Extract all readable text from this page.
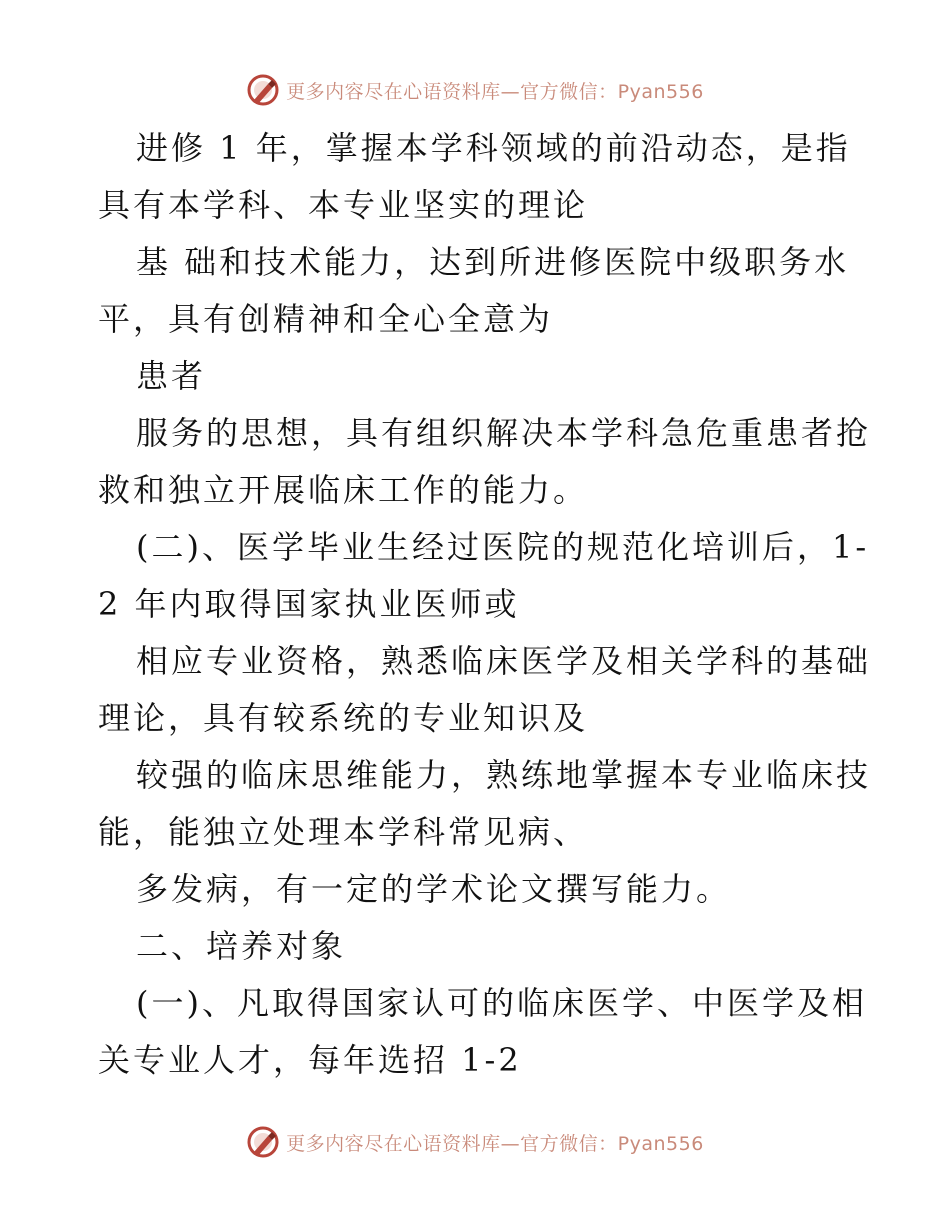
更多内容尽在心语资料库—官方微信：Pyan556
进修 1 年，掌握本学科领域的前沿动态，是指
具有本学科、本专业坚实的理论
基 础和技术能力，达到所进修医院中级职务水
平，具有创精神和全心全意为
患者
服务的思想，具有组织解决本学科急危重患者抢
救和独立开展临床工作的能力。
(二)、医学毕业生经过医院的规范化培训后，1-
2 年内取得国家执业医师或
相应专业资格，熟悉临床医学及相关学科的基础
理论，具有较系统的专业知识及
较强的临床思维能力，熟练地掌握本专业临床技
能，能独立处理本学科常见病、
多发病，有一定的学术论文撰写能力。
二、培养对象
(一)、凡取得国家认可的临床医学、中医学及相
关专业人才，每年选招 1-2
更多内容尽在心语资料库—官方微信：Pyan556
